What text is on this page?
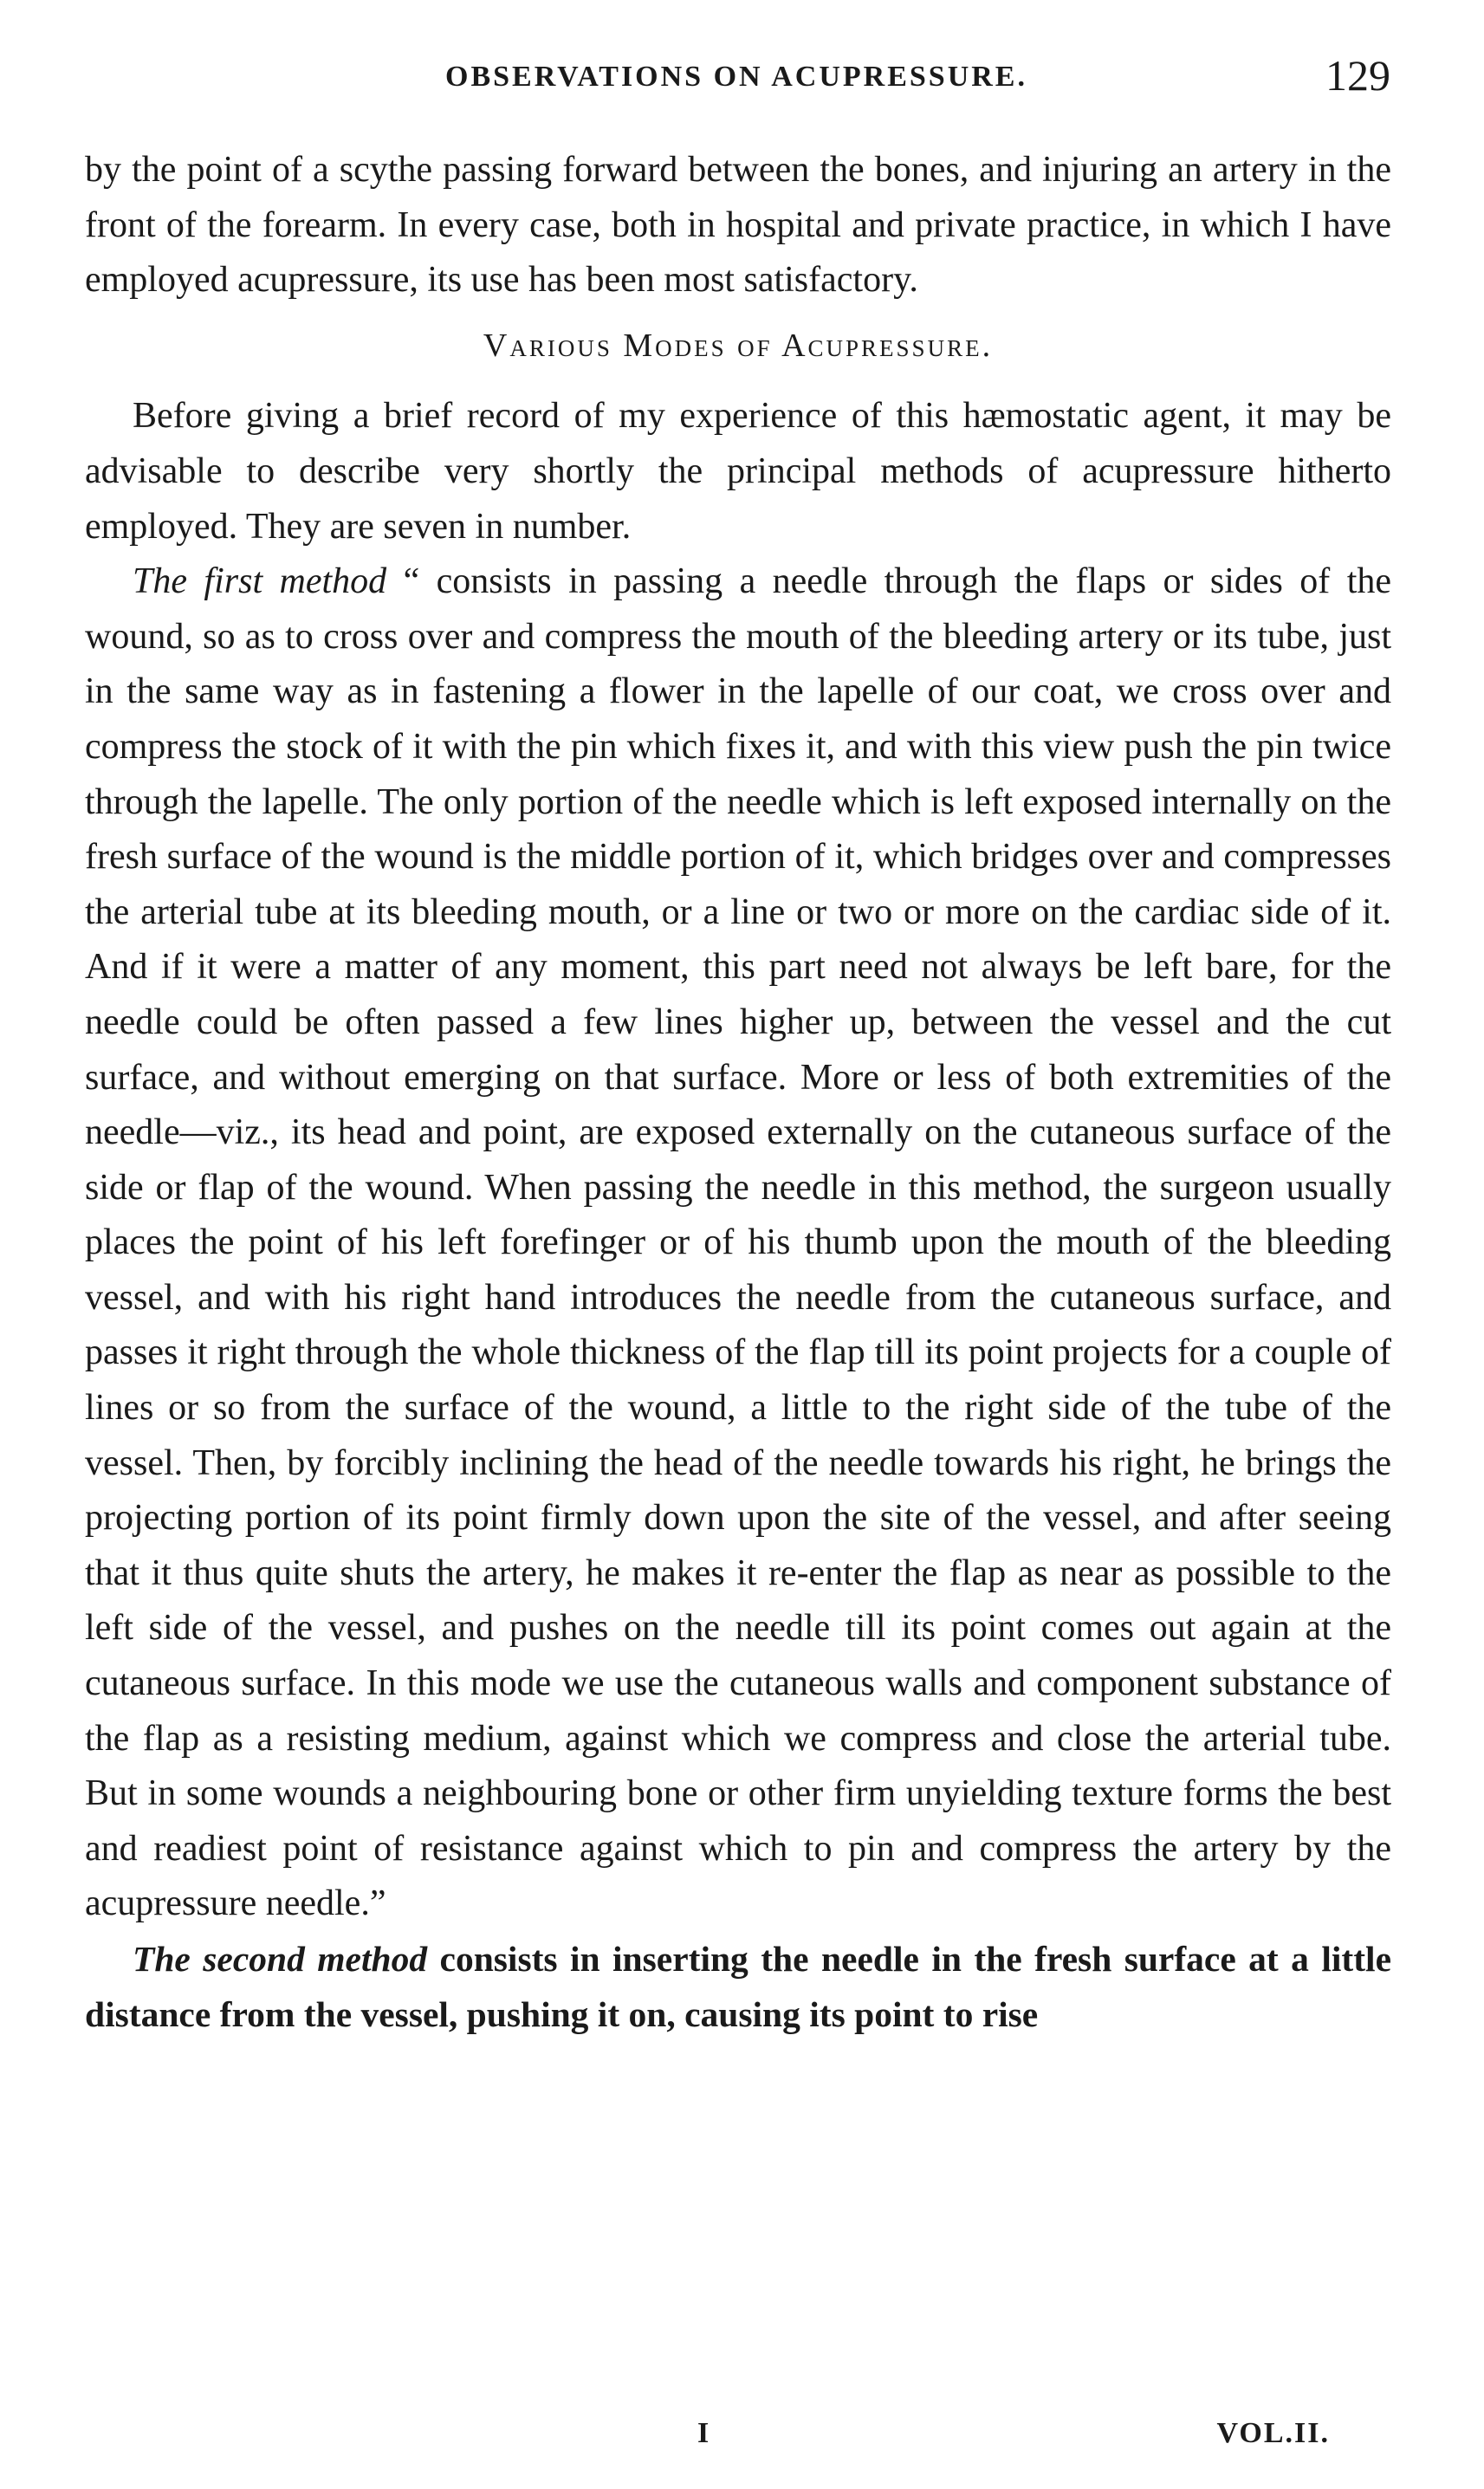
OBSERVATIONS ON ACUPRESSURE.	129

by the point of a scythe passing forward between the bones, and injuring an artery in the front of the forearm. In every case, both in hospital and private practice, in which I have employed acupressure, its use has been most satisfactory.

Various Modes of Acupressure.

Before giving a brief record of my experience of this hæmostatic agent, it may be advisable to describe very shortly the principal methods of acupressure hitherto employed. They are seven in number.

The first method “ consists in passing a needle through the flaps or sides of the wound, so as to cross over and compress the mouth of the bleeding artery or its tube, just in the same way as in fastening a flower in the lapelle of our coat, we cross over and compress the stock of it with the pin which fixes it, and with this view push the pin twice through the lapelle. The only portion of the needle which is left exposed internally on the fresh surface of the wound is the middle portion of it, which bridges over and compresses the arterial tube at its bleeding mouth, or a line or two or more on the cardiac side of it. And if it were a matter of any moment, this part need not always be left bare, for the needle could be often passed a few lines higher up, between the vessel and the cut surface, and without emerging on that surface. More or less of both extremities of the needle—viz., its head and point, are exposed externally on the cutaneous surface of the side or flap of the wound. When passing the needle in this method, the surgeon usually places the point of his left forefinger or of his thumb upon the mouth of the bleeding vessel, and with his right hand introduces the needle from the cutaneous surface, and passes it right through the whole thickness of the flap till its point projects for a couple of lines or so from the surface of the wound, a little to the right side of the tube of the vessel. Then, by forcibly inclining the head of the needle towards his right, he brings the projecting portion of its point firmly down upon the site of the vessel, and after seeing that it thus quite shuts the artery, he makes it re-enter the flap as near as possible to the left side of the vessel, and pushes on the needle till its point comes out again at the cutaneous surface. In this mode we use the cutaneous walls and component substance of the flap as a resisting medium, against which we compress and close the arterial tube. But in some wounds a neighbouring bone or other firm unyielding texture forms the best and readiest point of resistance against which to pin and compress the artery by the acupressure needle.”

The second method consists in inserting the needle in the fresh surface at a little distance from the vessel, pushing it on, causing its point to rise

I	VOL.II.
